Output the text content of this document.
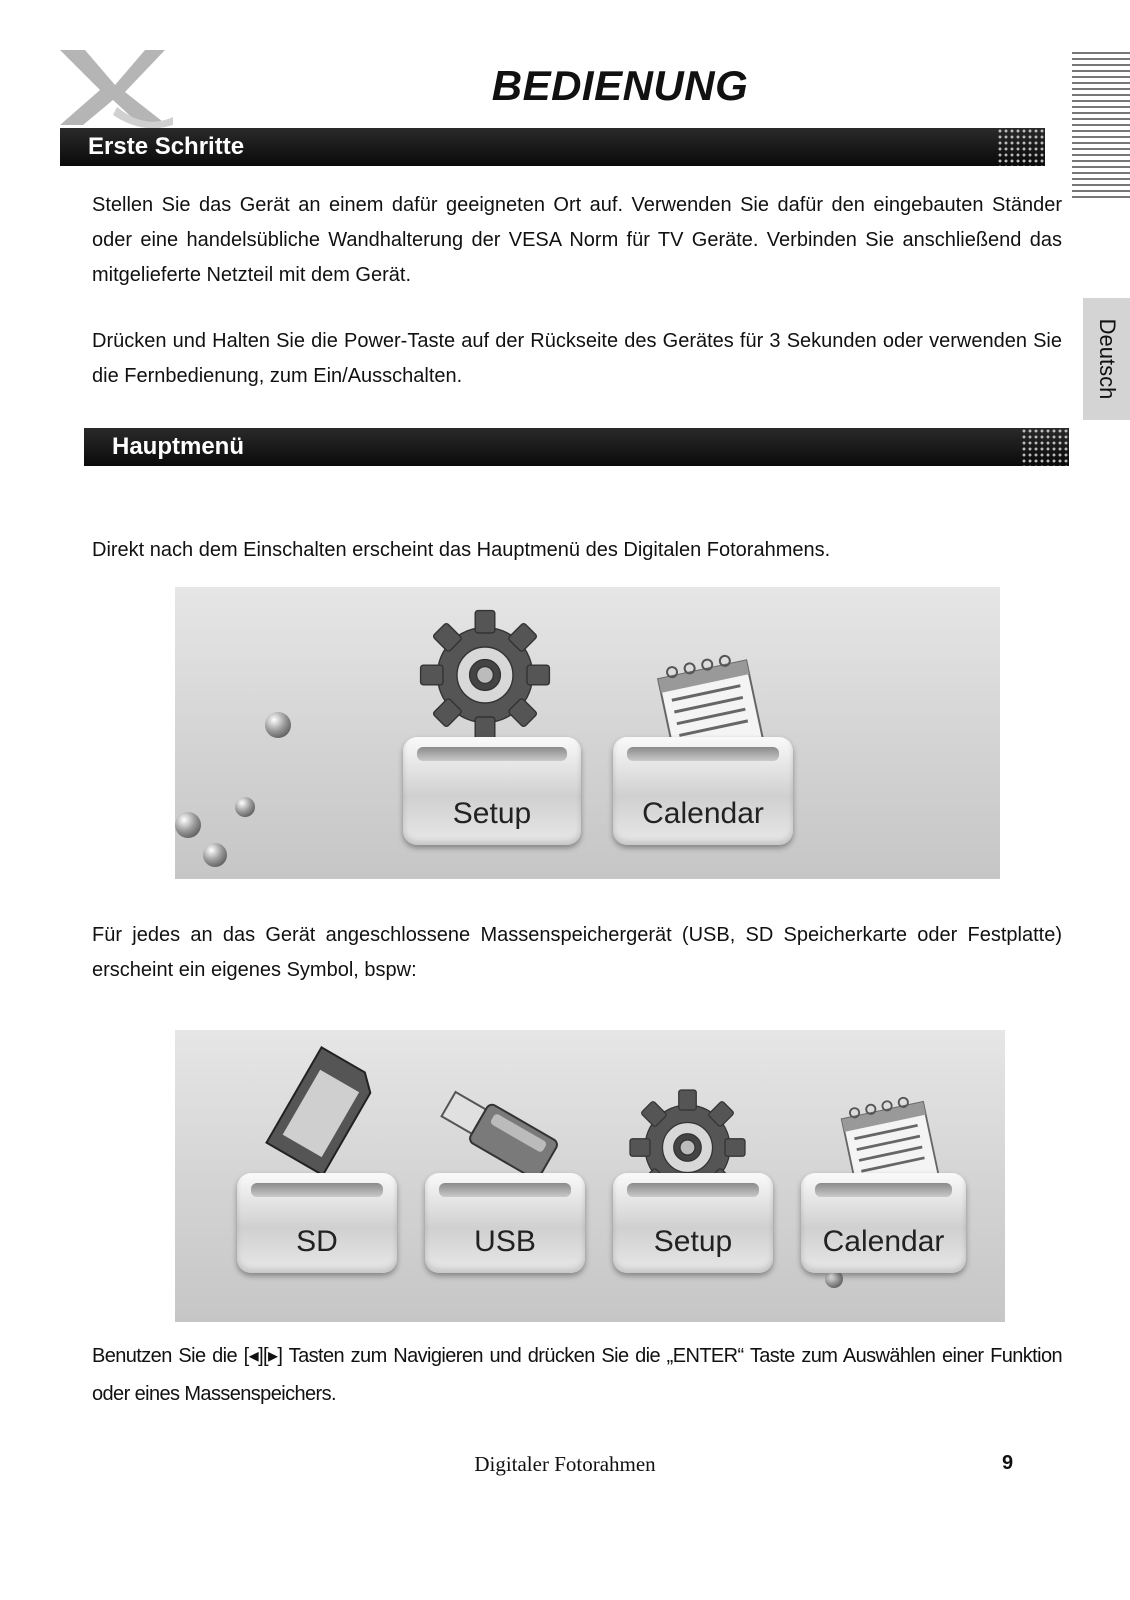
BEDIENUNG
Deutsch
Erste Schritte
Stellen Sie das Gerät an einem dafür geeigneten Ort auf. Verwenden Sie dafür den eingebauten Ständer oder eine handelsübliche Wandhalterung der VESA Norm für TV Geräte. Verbinden Sie anschließend das mitgelieferte Netzteil mit dem Gerät.
Drücken und Halten Sie die Power-Taste auf der Rückseite des Gerätes für 3 Sekunden oder verwenden Sie die Fernbedienung, zum Ein/Ausschalten.
Hauptmenü
Direkt nach dem Einschalten erscheint das Hauptmenü des Digitalen Fotorahmens.
Setup	Calendar
Für jedes an das Gerät angeschlossene Massenspeichergerät (USB, SD Speicherkarte oder Festplatte) erscheint ein eigenes Symbol, bspw:
SD	USB	Setup	Calendar
Benutzen Sie die [◂][▸] Tasten zum Navigieren und drücken Sie die „ENTER“ Taste zum Auswählen einer Funktion oder eines Massenspeichers.
Digitaler Fotorahmen	9
